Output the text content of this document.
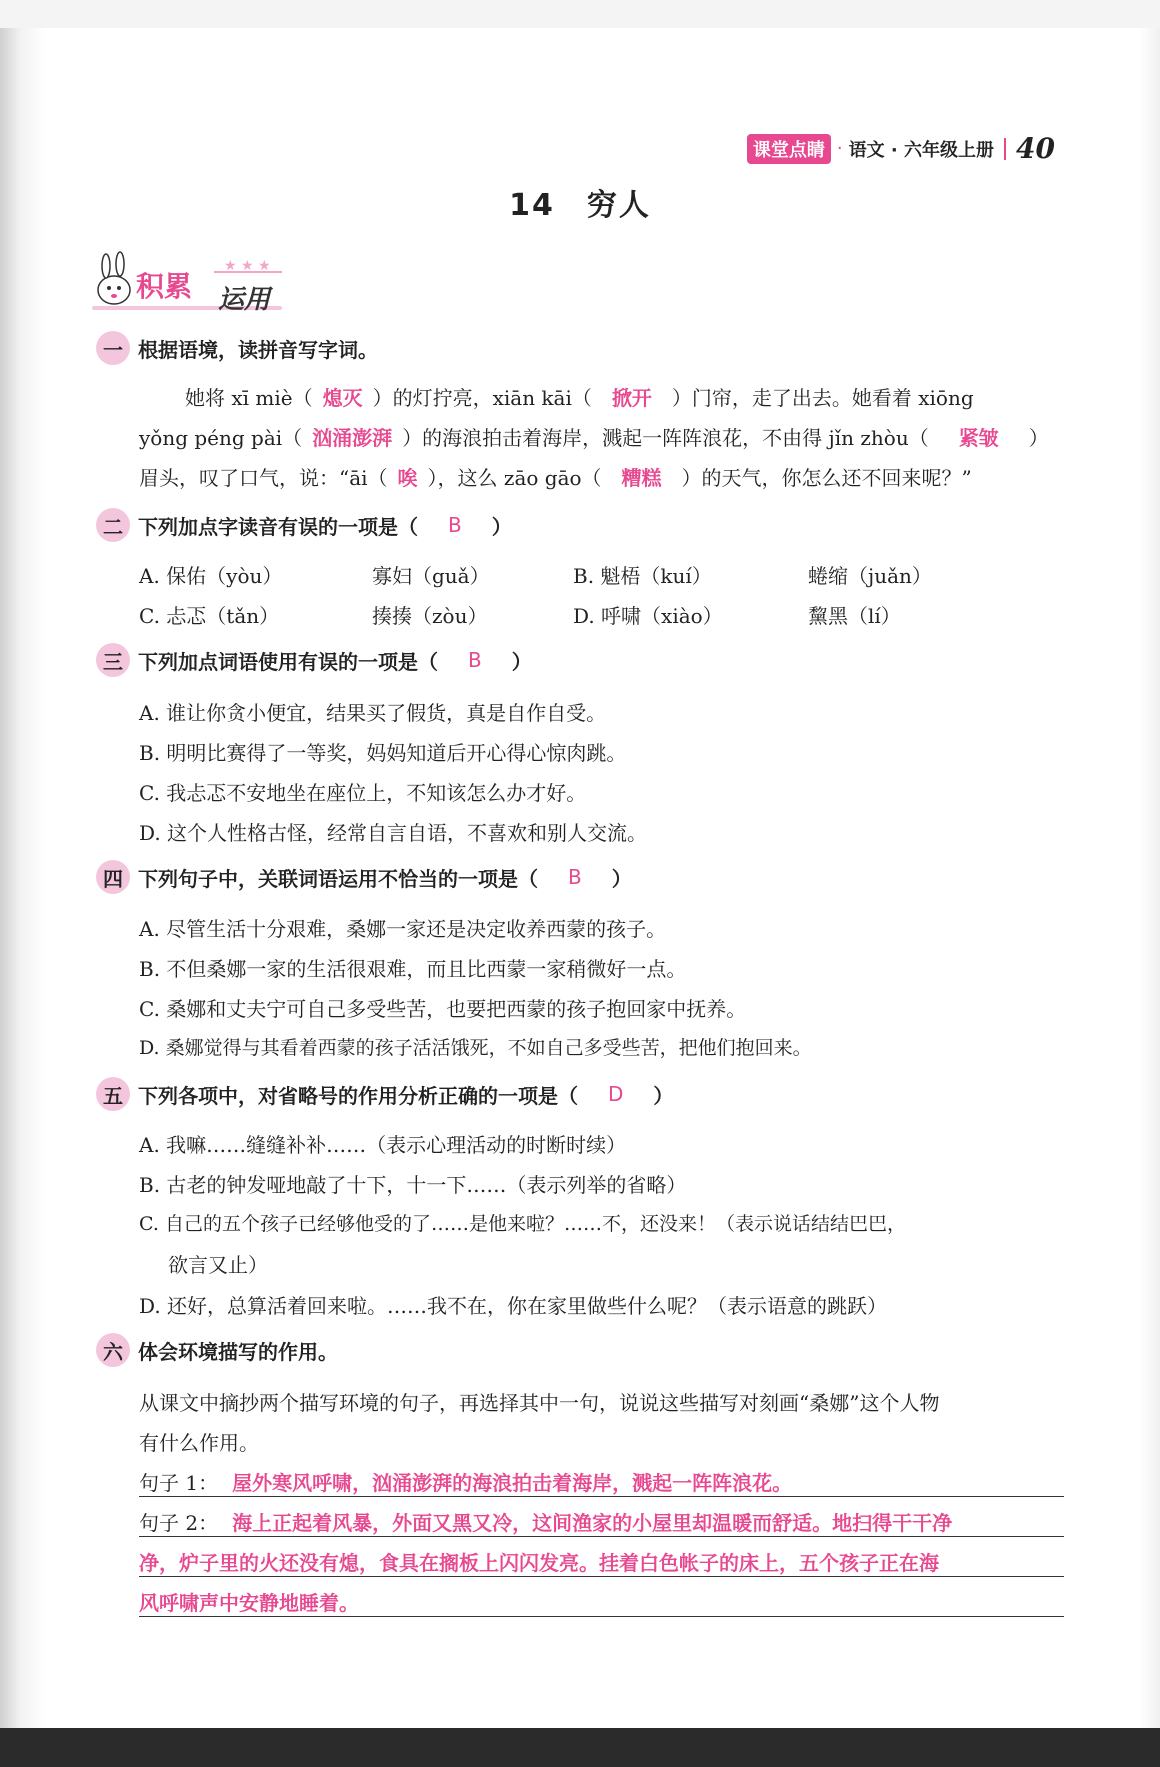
课堂点睛 · 语文 · 六年级上册 40
14　穷人
积累 运用
★ ★ ★
一 根据语境，读拼音写字词。
她将 xī miè（ 熄灭 ）的灯拧亮，xiān kāi（ 掀开 ）门帘，走了出去。她看着 xiōng
yǒng péng pài（ 汹涌澎湃 ）的海浪拍击着海岸，溅起一阵阵浪花，不由得 jǐn zhòu（ 紧皱 ）
眉头，叹了口气，说：“āi（ 唉 ），这么 zāo gāo（ 糟糕 ）的天气，你怎么还不回来呢？”
二 下列加点字读音有误的一项是（	B	）
A. 保佑（yòu）	寡妇（guǎ）	B. 魁梧（kuí）	蜷缩（juǎn）
C. 忐忑（tǎn）	揍揍（zòu）	D. 呼啸（xiào）	黧黑（lí）
三 下列加点词语使用有误的一项是（	B	）
A. 谁让你贪小便宜，结果买了假货，真是自作自受。
B. 明明比赛得了一等奖，妈妈知道后开心得心惊肉跳。
C. 我忐忑不安地坐在座位上，不知该怎么办才好。
D. 这个人性格古怪，经常自言自语，不喜欢和别人交流。
四 下列句子中，关联词语运用不恰当的一项是（	B	）
A. 尽管生活十分艰难，桑娜一家还是决定收养西蒙的孩子。
B. 不但桑娜一家的生活很艰难，而且比西蒙一家稍微好一点。
C. 桑娜和丈夫宁可自己多受些苦，也要把西蒙的孩子抱回家中抚养。
D. 桑娜觉得与其看着西蒙的孩子活活饿死，不如自己多受些苦，把他们抱回来。
五 下列各项中，对省略号的作用分析正确的一项是（	D	）
A. 我嘛……缝缝补补……（表示心理活动的时断时续）
B. 古老的钟发哑地敲了十下，十一下……（表示列举的省略）
C. 自己的五个孩子已经够他受的了……是他来啦？……不，还没来！（表示说话结结巴巴，
欲言又止）
D. 还好，总算活着回来啦。……我不在，你在家里做些什么呢？（表示语意的跳跃）
六 体会环境描写的作用。
从课文中摘抄两个描写环境的句子，再选择其中一句，说说这些描写对刻画“桑娜”这个人物
有什么作用。
句子 1： 屋外寒风呼啸，汹涌澎湃的海浪拍击着海岸，溅起一阵阵浪花。
句子 2： 海上正起着风暴，外面又黑又冷，这间渔家的小屋里却温暖而舒适。地扫得干干净
净，炉子里的火还没有熄，食具在搁板上闪闪发亮。挂着白色帐子的床上，五个孩子正在海
风呼啸声中安静地睡着。
